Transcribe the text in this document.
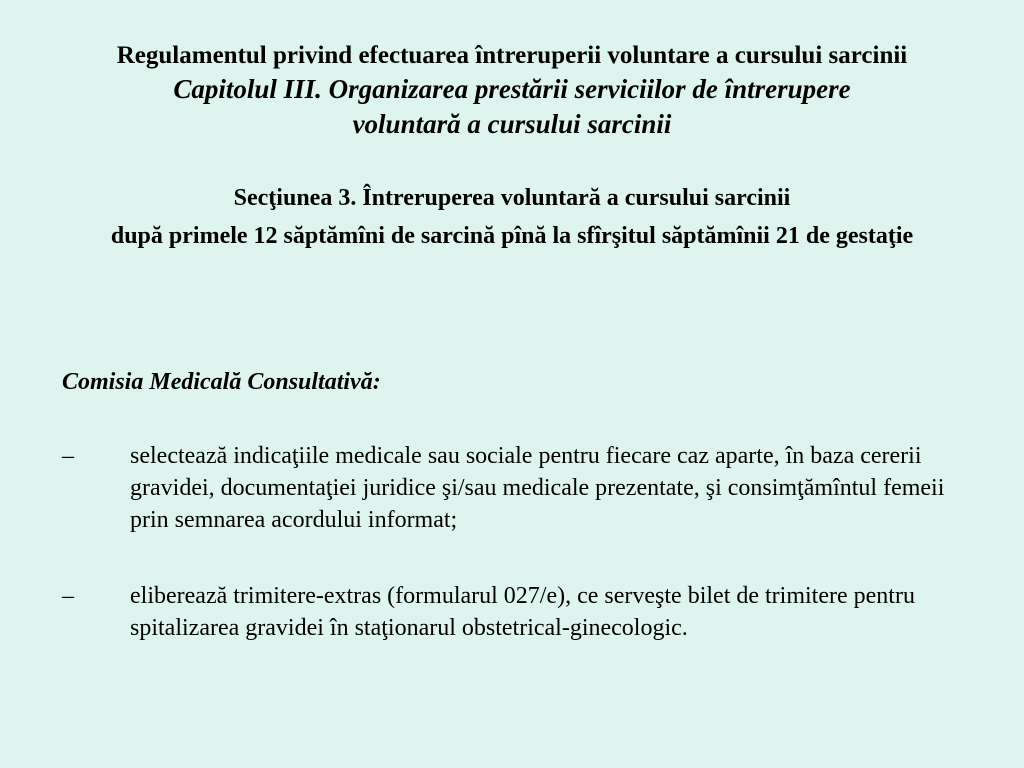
Regulamentul privind efectuarea întreruperii voluntare a cursului sarcinii

Capitolul III. Organizarea prestării serviciilor de întrerupere

voluntară a cursului sarcinii

Secţiunea 3. Întreruperea voluntară a cursului sarcinii

după primele 12 săptămîni de sarcină pînă la sfîrşitul săptămînii 21 de gestaţie

Comisia Medicală Consultativă:

–	selectează indicaţiile medicale sau sociale pentru fiecare caz aparte, în baza cererii gravidei, documentaţiei juridice şi/sau medicale prezentate, şi consimţămîntul femeii prin semnarea acordului informat;
–	eliberează trimitere-extras (formularul 027/e), ce serveşte bilet de trimitere pentru spitalizarea gravidei în staţionarul obstetrical-ginecologic.
